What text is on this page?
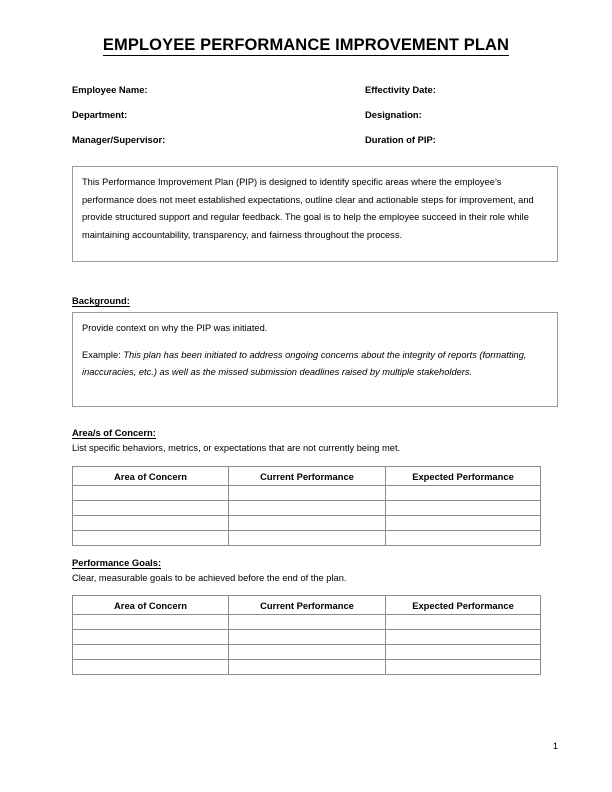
EMPLOYEE PERFORMANCE IMPROVEMENT PLAN
Employee Name:	Effectivity Date:
Department:	Designation:
Manager/Supervisor:	Duration of PIP:

This Performance Improvement Plan (PIP) is designed to identify specific areas where the employee’s performance does not meet established expectations, outline clear and actionable steps for improvement, and provide structured support and regular feedback. The goal is to help the employee succeed in their role while maintaining accountability, transparency, and fairness throughout the process.

Background:

Provide context on why the PIP was initiated.

Example: This plan has been initiated to address ongoing concerns about the integrity of reports (formatting, inaccuracies, etc.) as well as the missed submission deadlines raised by multiple stakeholders.

Area/s of Concern:
List specific behaviors, metrics, or expectations that are not currently being met.
Area of Concern	Current Performance	Expected Performance

Performance Goals:
Clear, measurable goals to be achieved before the end of the plan.
Area of Concern	Current Performance	Expected Performance

1
